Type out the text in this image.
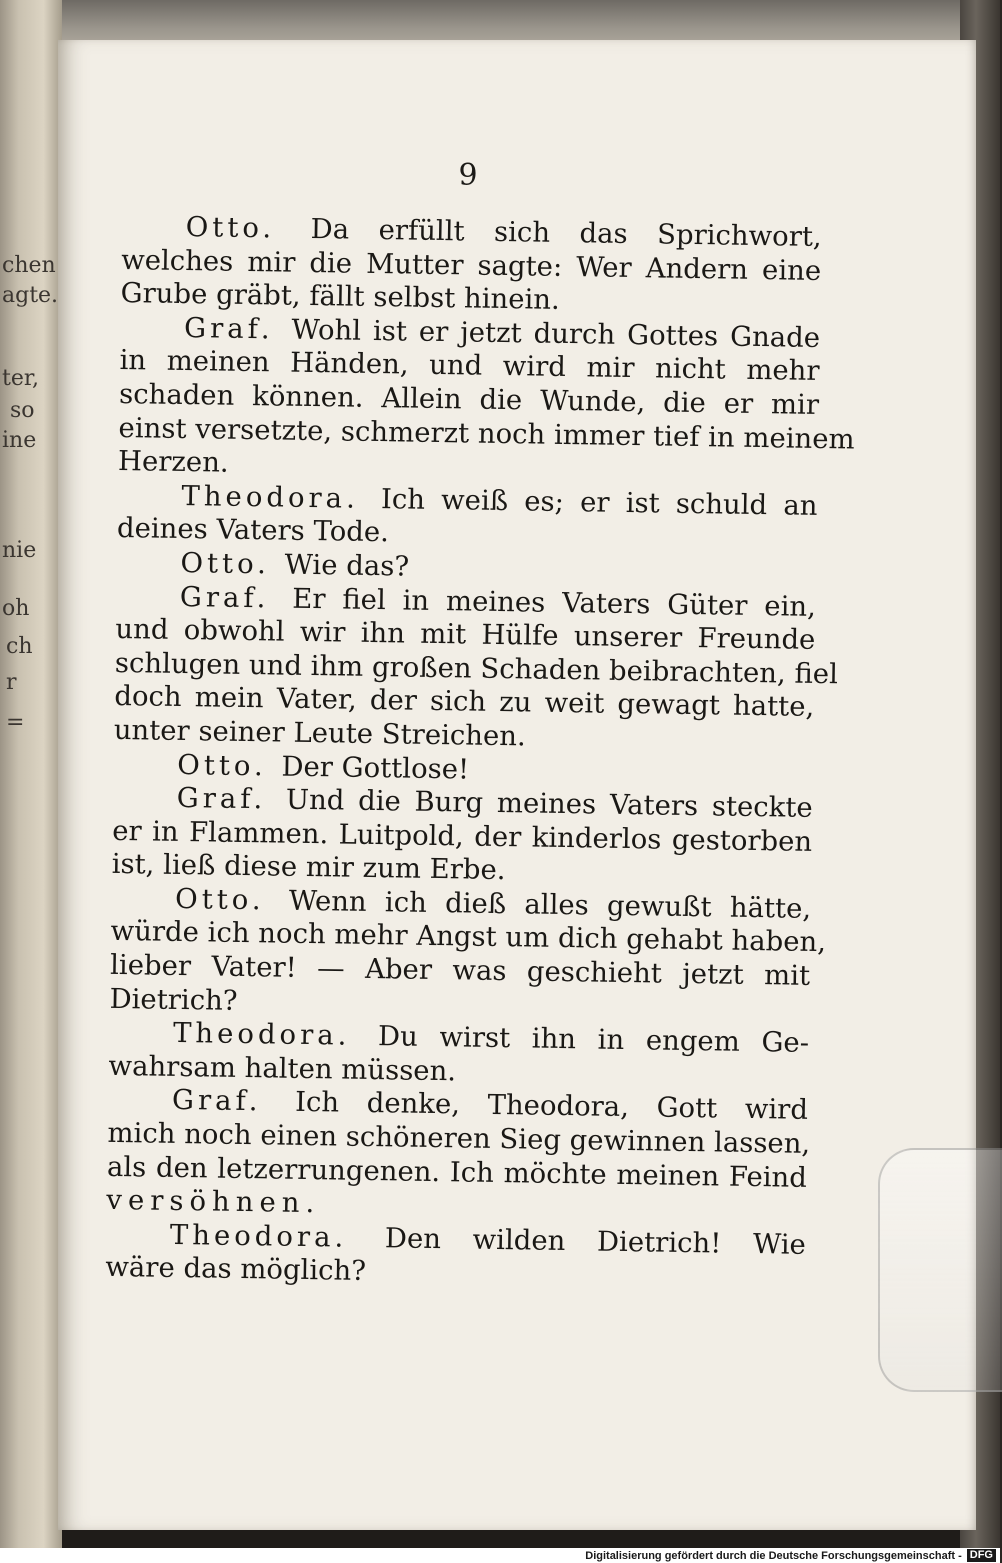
chen
agte.
ter,
so
ine
nie
oh
ch
r
=
9
Otto. Da erfüllt sich das Sprichwort,
welches mir die Mutter sagte: Wer Andern eine
Grube gräbt, fällt selbst hinein.
Graf. Wohl ist er jetzt durch Gottes Gnade
in meinen Händen, und wird mir nicht mehr
schaden können. Allein die Wunde, die er mir
einst versetzte, schmerzt noch immer tief in meinem
Herzen.
Theodora. Ich weiß es; er ist schuld an
deines Vaters Tode.
Otto. Wie das?
Graf. Er fiel in meines Vaters Güter ein,
und obwohl wir ihn mit Hülfe unserer Freunde
schlugen und ihm großen Schaden beibrachten, fiel
doch mein Vater, der sich zu weit gewagt hatte,
unter seiner Leute Streichen.
Otto. Der Gottlose!
Graf. Und die Burg meines Vaters steckte
er in Flammen. Luitpold, der kinderlos gestorben
ist, ließ diese mir zum Erbe.
Otto. Wenn ich dieß alles gewußt hätte,
würde ich noch mehr Angst um dich gehabt haben,
lieber Vater! — Aber was geschieht jetzt mit
Dietrich?
Theodora. Du wirst ihn in engem Ge-
wahrsam halten müssen.
Graf. Ich denke, Theodora, Gott wird
mich noch einen schöneren Sieg gewinnen lassen,
als den letzerrungenen. Ich möchte meinen Feind
versöhnen.
Theodora. Den wilden Dietrich! Wie
wäre das möglich?
Digitalisierung gefördert durch die Deutsche Forschungsgemeinschaft - DFG
